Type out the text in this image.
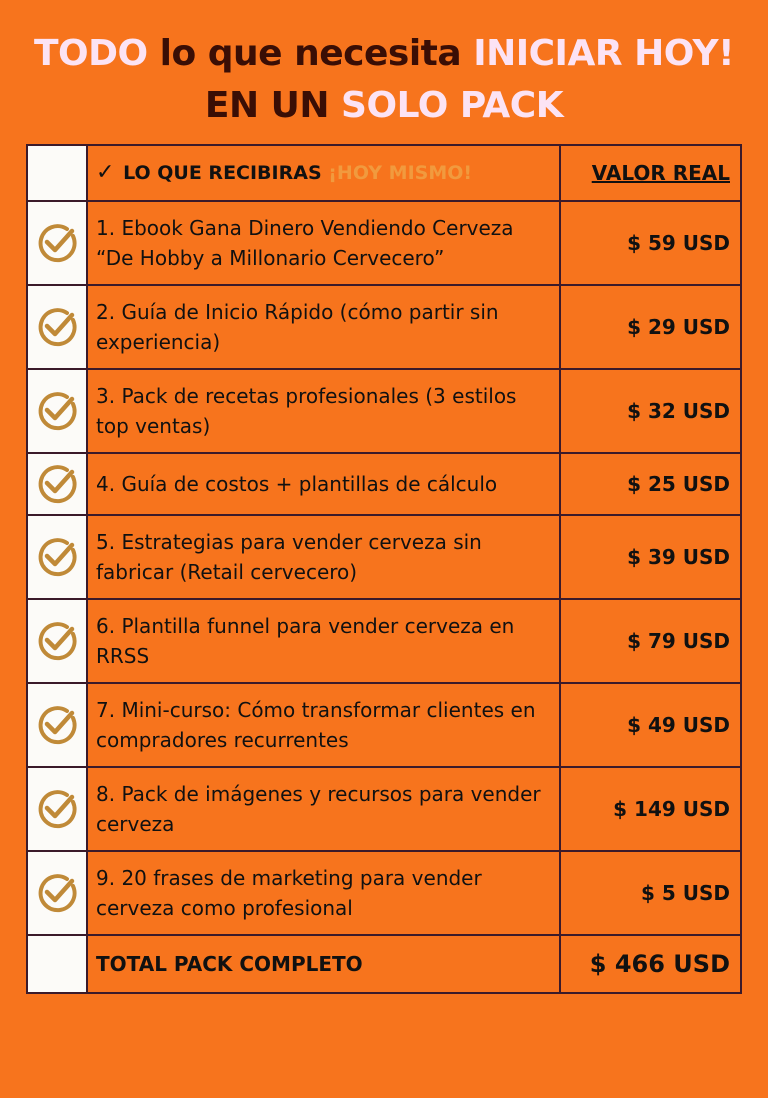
TODO lo que necesita INICIAR HOY!
EN UN SOLO PACK
	✓ LO QUE RECIBIRAS ¡HOY MISMO!	VALOR REAL

	1. Ebook Gana Dinero Vendiendo Cerveza “De Hobby a Millonario Cervecero”	$ 59 USD

	2. Guía de Inicio Rápido (cómo partir sin experiencia)	$ 29 USD

	3. Pack de recetas profesionales (3 estilos top ventas)	$ 32 USD

	4. Guía de costos + plantillas de cálculo	$ 25 USD

	5. Estrategias para vender cerveza sin fabricar (Retail cervecero)	$ 39 USD

	6. Plantilla funnel para vender cerveza en RRSS	$ 79 USD

	7. Mini-curso: Cómo transformar clientes en compradores recurrentes	$ 49 USD

	8. Pack de imágenes y recursos para vender cerveza	$ 149 USD

	9. 20 frases de marketing para vender cerveza como profesional	$ 5 USD
	TOTAL PACK COMPLETO	$ 466 USD
